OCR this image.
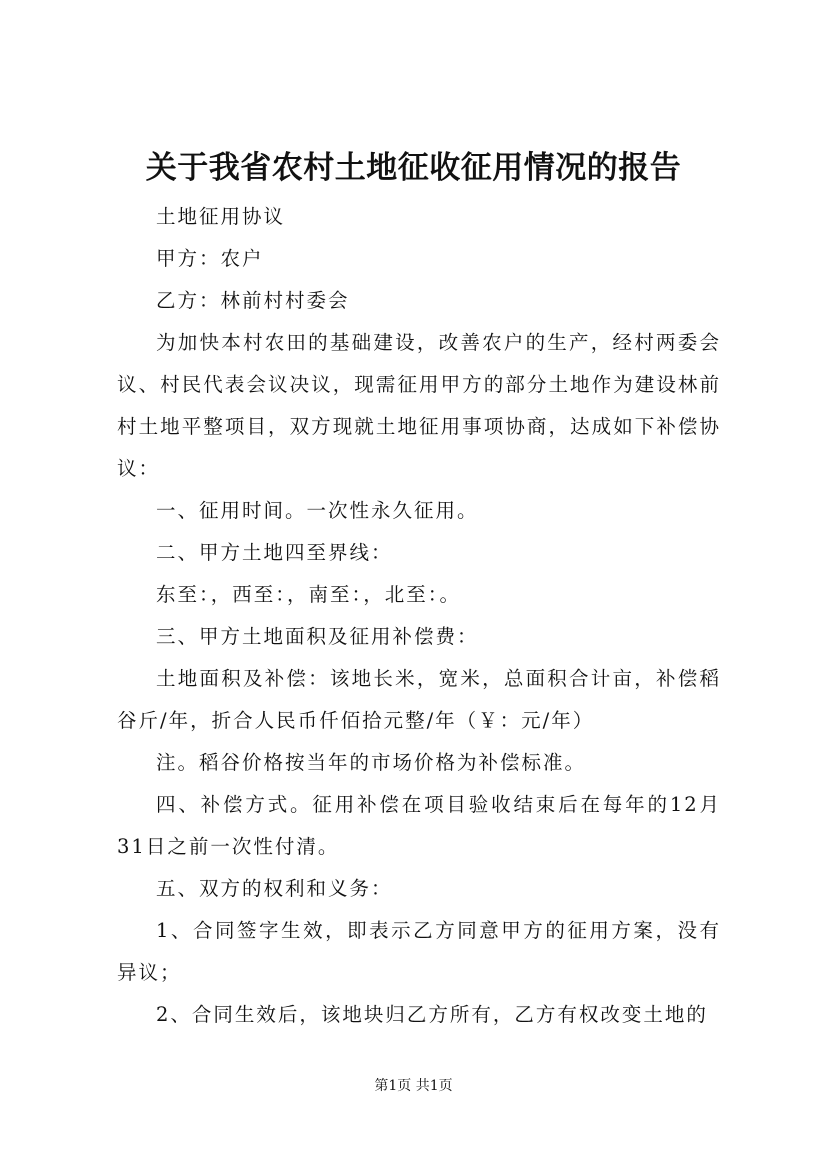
关于我省农村土地征收征用情况的报告

土地征用协议

甲方：农户

乙方：林前村村委会

为加快本村农田的基础建设，改善农户的生产，经村两委会议、村民代表会议决议，现需征用甲方的部分土地作为建设林前村土地平整项目，双方现就土地征用事项协商，达成如下补偿协议：

一、征用时间。一次性永久征用。

二、甲方土地四至界线：

东至：，西至：，南至：，北至：。

三、甲方土地面积及征用补偿费：

土地面积及补偿：该地长米，宽米，总面积合计亩，补偿稻谷斤/年，折合人民币仟佰拾元整/年（￥：元/年）

注。稻谷价格按当年的市场价格为补偿标准。

四、补偿方式。征用补偿在项目验收结束后在每年的12月31日之前一次性付清。

五、双方的权利和义务：

1、合同签字生效，即表示乙方同意甲方的征用方案，没有异议；

2、合同生效后，该地块归乙方所有，乙方有权改变土地的

第1页 共1页
